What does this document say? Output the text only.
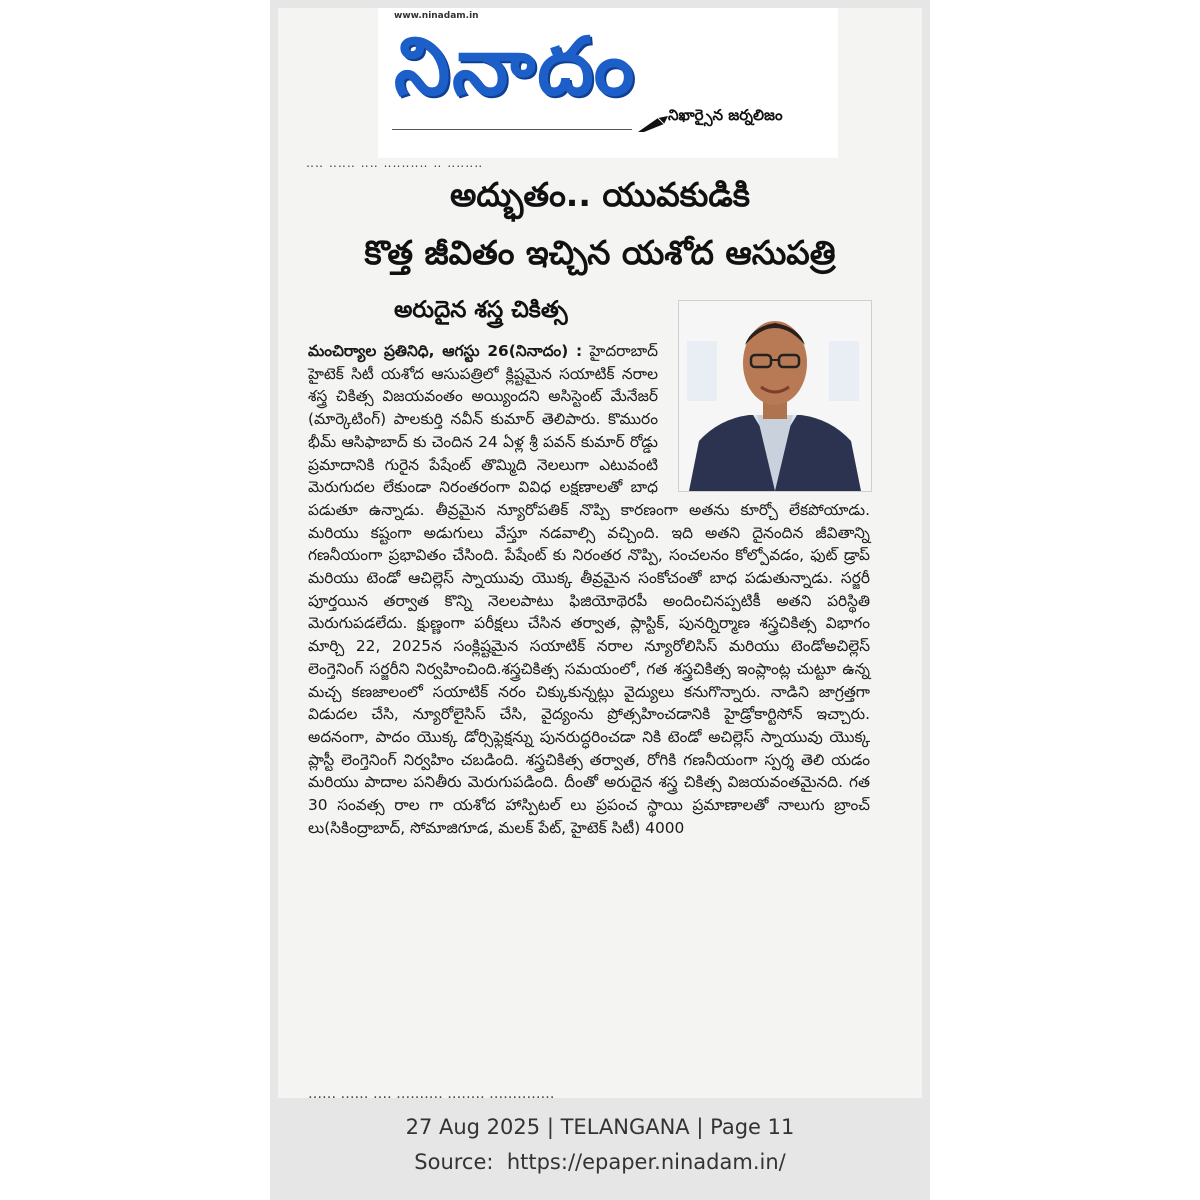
www.ninadam.in
నినాదం
నిఖార్సైన జర్నలిజం
‥‥ ‥‥‥ ‥‥ ‥‥‥‥‥ ‥ ‥‥‥‥
అద్భుతం.. యువకుడికి
కొత్త జీవితం ఇచ్చిన యశోద ఆసుపత్రి
అరుదైన శస్త్ర చికిత్స

మంచిర్యాల ప్రతినిధి, ఆగస్టు 26(నినాదం) : హైదరాబాద్ హైటెక్ సిటీ యశోద ఆసుపత్రిలో క్లిష్టమైన సయాటిక్ నరాల శస్త్ర చికిత్స విజయవంతం అయ్యిందని అసిస్టెంట్ మేనేజర్ (మార్కెటింగ్) పాలకుర్తి నవీన్ కుమార్ తెలిపారు. కొమురం భీమ్ ఆసిఫాబాద్ కు చెందిన 24 ఏళ్ల శ్రీ పవన్ కుమార్ రోడ్డు ప్రమాదానికి గురైన పేషేంట్ తొమ్మిది నెలలుగా ఎటువంటి మెరుగుదల లేకుండా నిరంతరంగా వివిధ లక్షణాలతో బాధ పడుతూ ఉన్నాడు. తీవ్రమైన న్యూరోపతిక్ నొప్పి కారణంగా అతను కూర్చో లేకపోయాడు. మరియు కష్టంగా అడుగులు వేస్తూ నడవాల్సి వచ్చింది. ఇది అతని దైనందిన జీవితాన్ని గణనీయంగా ప్రభావితం చేసింది. పేషేంట్ కు నిరంతర నొప్పి, సంచలనం కోల్పోవడం, ఫుట్ డ్రాప్ మరియు టెండో ఆచిల్లెస్ స్నాయువు యొక్క తీవ్రమైన సంకోచంతో బాధ పడుతున్నాడు. సర్జరీ పూర్తయిన తర్వాత కొన్ని నెలలపాటు ఫిజియోథెరపీ అందించినప్పటికీ అతని పరిస్థితి మెరుగుపడలేదు. క్షుణ్ణంగా పరీక్షలు చేసిన తర్వాత, ప్లాస్టిక్, పునర్నిర్మాణ శస్త్రచికిత్స విభాగం మార్చి 22, 2025న సంక్లిష్టమైన సయాటిక్ నరాల న్యూరోలిసిస్ మరియు టెండోఅచిల్లెస్ లెంగ్తెనింగ్ సర్జరీని నిర్వహించింది.శస్త్రచికిత్స సమయంలో, గత శస్త్రచికిత్స ఇంప్లాంట్ల చుట్టూ ఉన్న మచ్చ కణజాలంలో సయాటిక్ నరం చిక్కుకున్నట్లు వైద్యులు కనుగొన్నారు. నాడిని జాగ్రత్తగా విడుదల చేసి, న్యూరోలైసిస్ చేసి, వైద్యంను ప్రోత్సహించడానికి హైడ్రోకార్టిసోన్ ఇచ్చారు. అదనంగా, పాదం యొక్క డోర్సిఫ్లెక్షన్ను పునరుద్ధరించడా నికి టెండో అచిల్లెస్ స్నాయువు యొక్క ప్లాస్టీ లెంగ్తెనింగ్ నిర్వహిం చబడింది. శస్త్రచికిత్స తర్వాత, రోగికి గణనీయంగా స్పర్శ తెలి యడం మరియు పాదాల పనితీరు మెరుగుపడింది. దీంతో అరుదైన శస్త్ర చికిత్స విజయవంతమైనది. గత 30 సంవత్స రాల గా యశోద హాస్పిటల్ లు ప్రపంచ స్థాయి ప్రమాణాలతో నాలుగు బ్రాంచ్ లు(సికింద్రాబాద్, సోమాజిగూడ, మలక్ పేట్, హైటెక్ సిటీ) 4000

‥‥‥ ‥‥‥ ‥‥ ‥‥‥‥‥ ‥‥‥‥ ‥‥‥‥‥‥‥
27 Aug 2025 | TELANGANA | Page 11
Source: https://epaper.ninadam.in/
